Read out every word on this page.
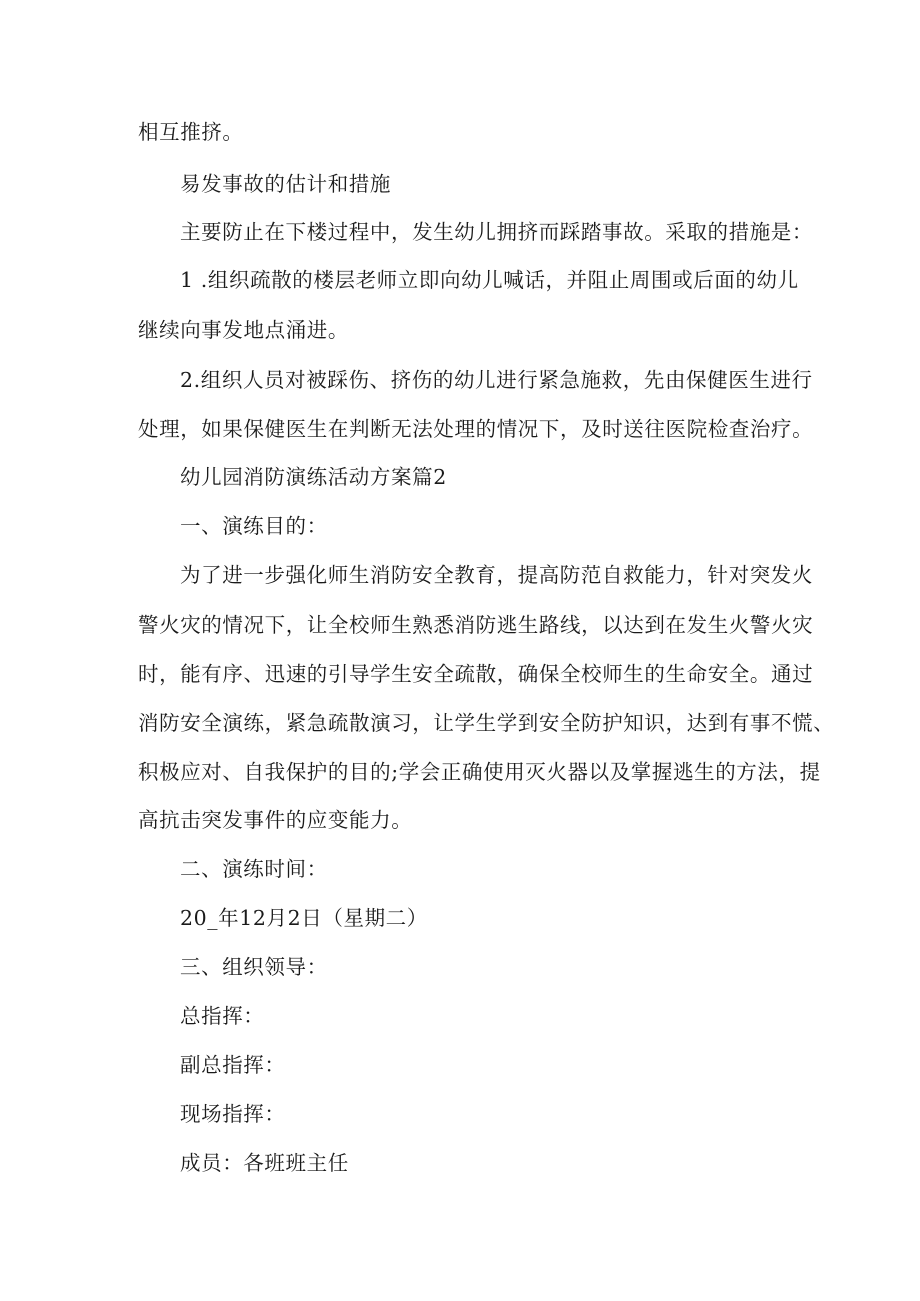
相互推挤。
易发事故的估计和措施
主要防止在下楼过程中，发生幼儿拥挤而踩踏事故。采取的措施是：
1 .组织疏散的楼层老师立即向幼儿喊话，并阻止周围或后面的幼儿
继续向事发地点涌进。
2.组织人员对被踩伤、挤伤的幼儿进行紧急施救，先由保健医生进行
处理，如果保健医生在判断无法处理的情况下，及时送往医院检查治疗。
幼儿园消防演练活动方案篇2
一、演练目的：
为了进一步强化师生消防安全教育，提高防范自救能力，针对突发火
警火灾的情况下，让全校师生熟悉消防逃生路线，以达到在发生火警火灾
时，能有序、迅速的引导学生安全疏散，确保全校师生的生命安全。通过
消防安全演练，紧急疏散演习，让学生学到安全防护知识，达到有事不慌、
积极应对、自我保护的目的;学会正确使用灭火器以及掌握逃生的方法，提
高抗击突发事件的应变能力。
二、演练时间：
20_年12月2日（星期二）
三、组织领导：
总指挥：
副总指挥：
现场指挥：
成员：各班班主任
